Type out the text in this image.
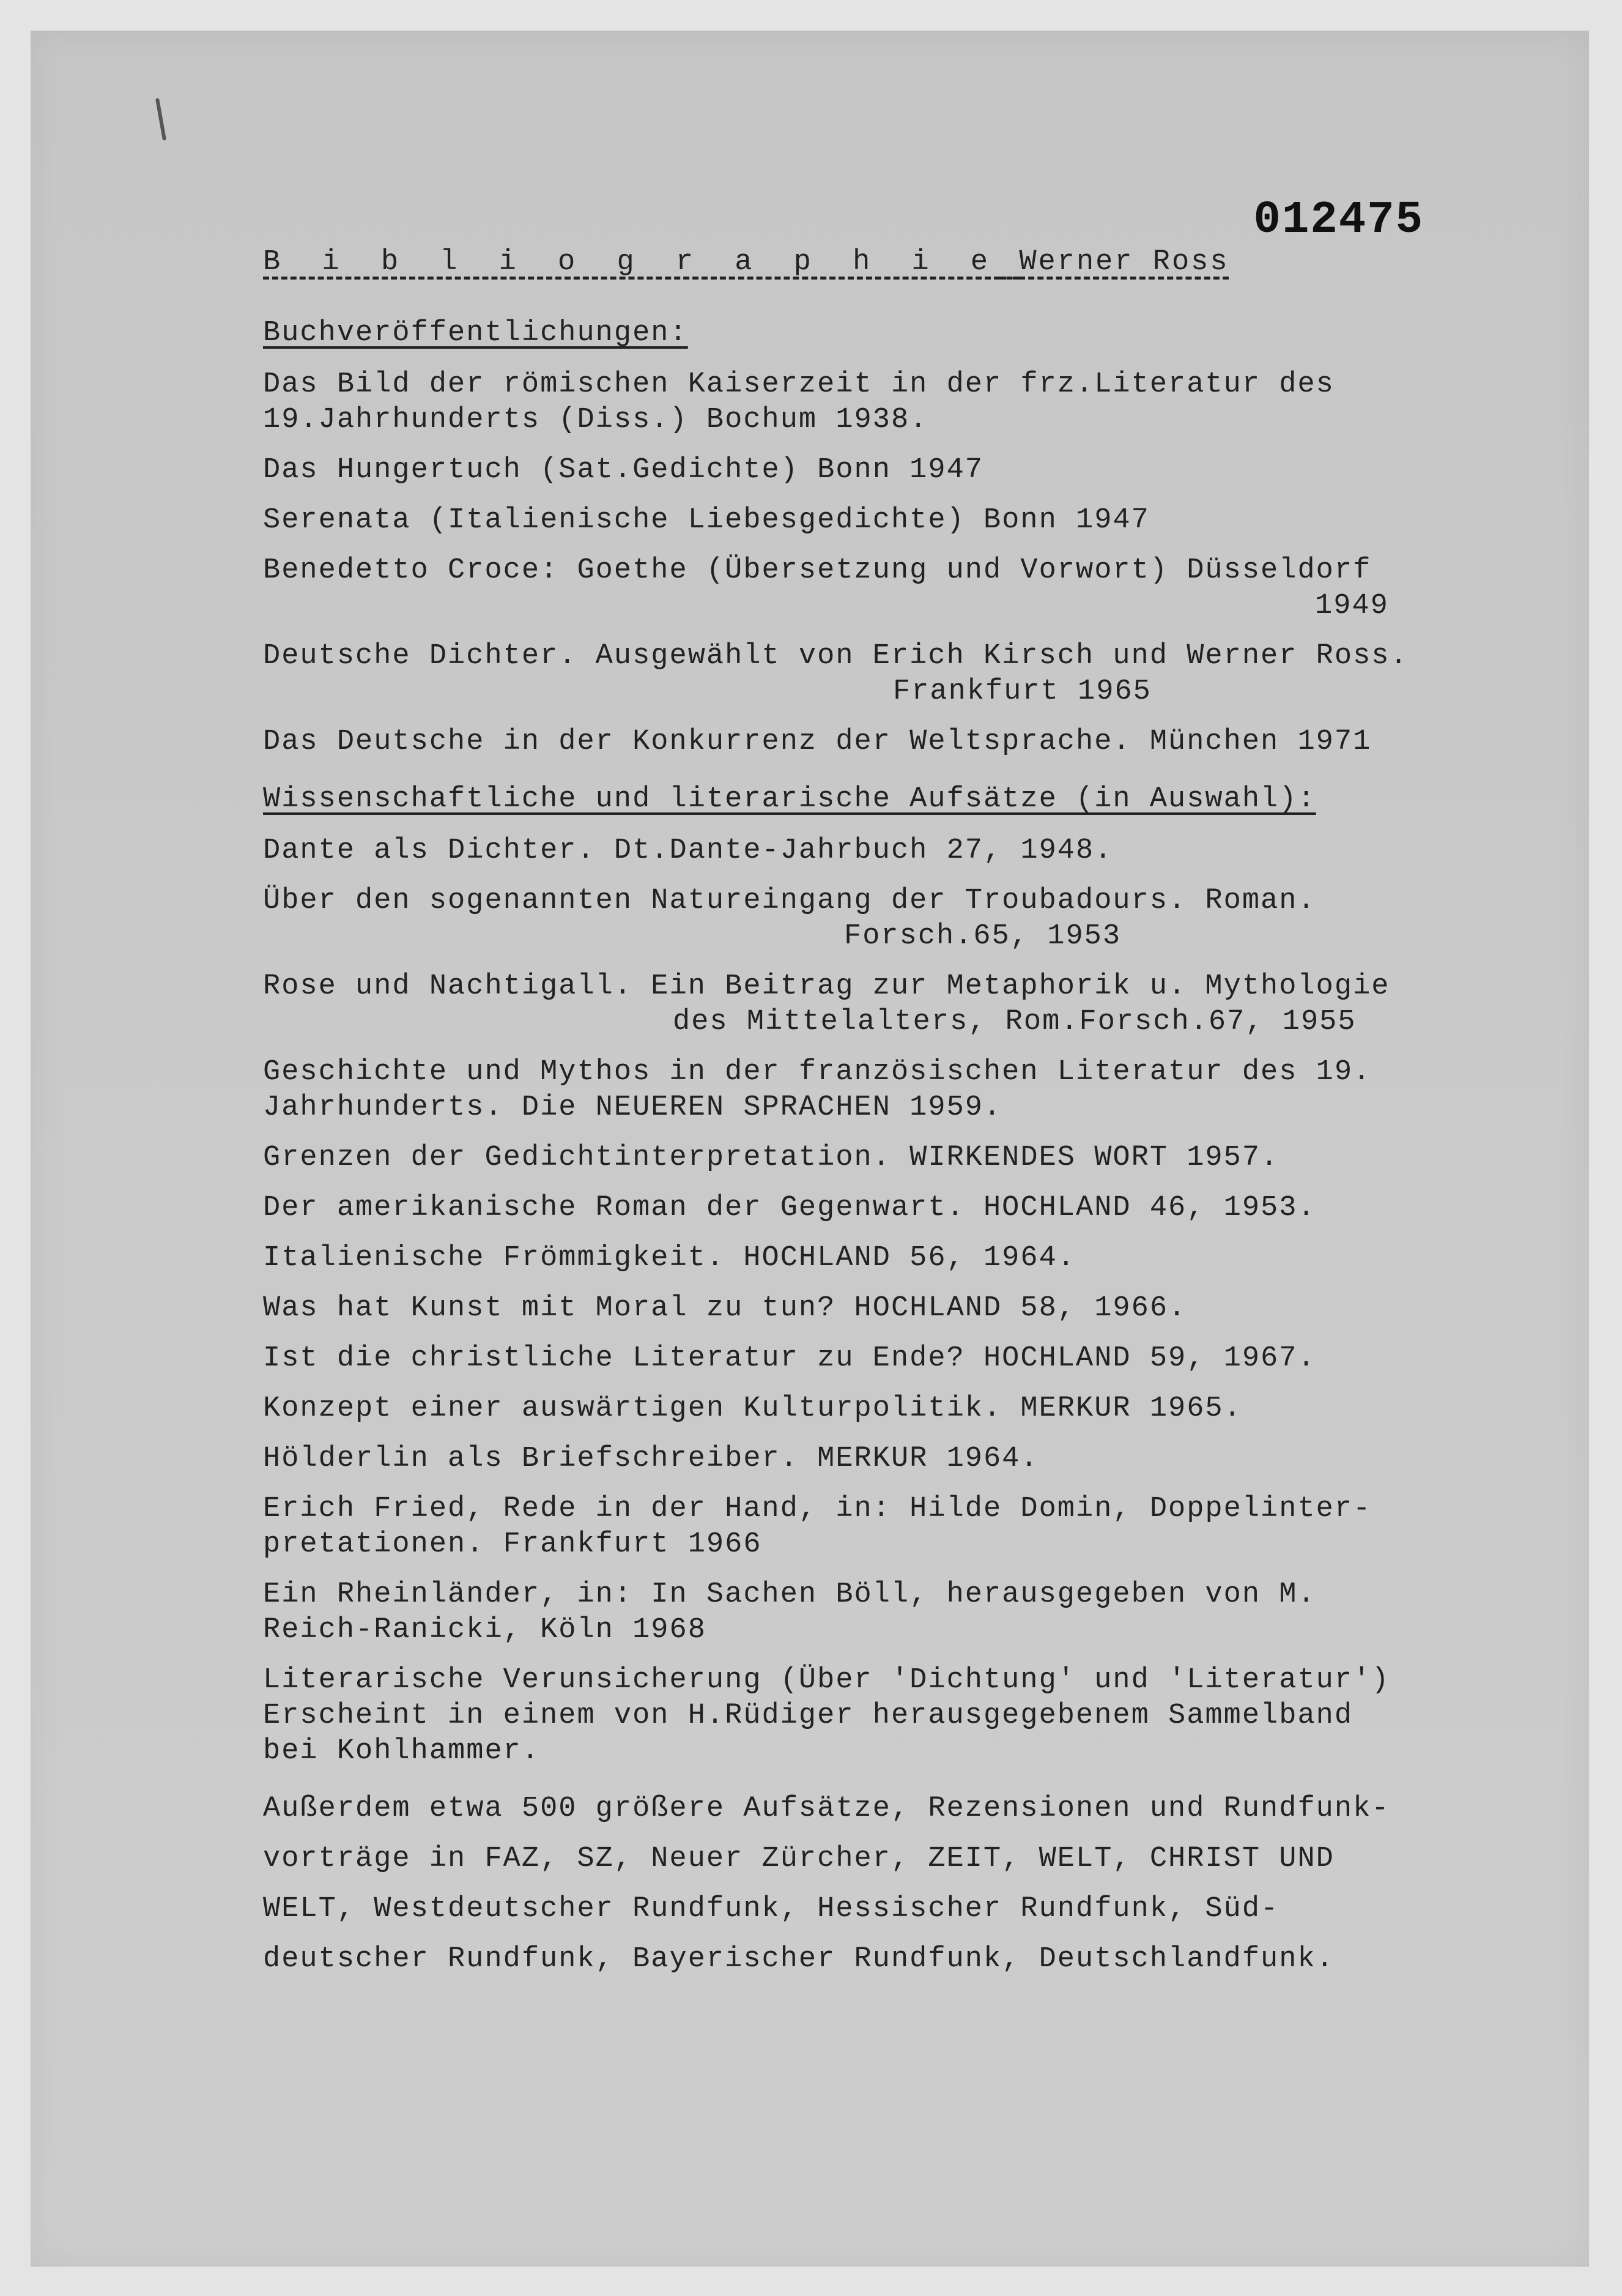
012475
B i b l i o g r a p h i e Werner Ross
Buchveröffentlichungen:
Das Bild der römischen Kaiserzeit in der frz.Literatur des
19.Jahrhunderts (Diss.) Bochum 1938.
Das Hungertuch (Sat.Gedichte) Bonn 1947
Serenata (Italienische Liebesgedichte) Bonn 1947
Benedetto Croce: Goethe (Übersetzung und Vorwort) Düsseldorf
1949
Deutsche Dichter. Ausgewählt von Erich Kirsch und Werner Ross.
Frankfurt 1965
Das Deutsche in der Konkurrenz der Weltsprache. München 1971
Wissenschaftliche und literarische Aufsätze (in Auswahl):
Dante als Dichter. Dt.Dante-Jahrbuch 27, 1948.
Über den sogenannten Natureingang der Troubadours. Roman.
Forsch.65, 1953
Rose und Nachtigall. Ein Beitrag zur Metaphorik u. Mythologie
des Mittelalters, Rom.Forsch.67, 1955
Geschichte und Mythos in der französischen Literatur des 19.
Jahrhunderts. Die NEUEREN SPRACHEN 1959.
Grenzen der Gedichtinterpretation. WIRKENDES WORT 1957.
Der amerikanische Roman der Gegenwart. HOCHLAND 46, 1953.
Italienische Frömmigkeit. HOCHLAND 56, 1964.
Was hat Kunst mit Moral zu tun? HOCHLAND 58, 1966.
Ist die christliche Literatur zu Ende? HOCHLAND 59, 1967.
Konzept einer auswärtigen Kulturpolitik. MERKUR 1965.
Hölderlin als Briefschreiber. MERKUR 1964.
Erich Fried, Rede in der Hand, in: Hilde Domin, Doppelinter-
pretationen. Frankfurt 1966
Ein Rheinländer, in: In Sachen Böll, herausgegeben von M.
Reich-Ranicki, Köln 1968
Literarische Verunsicherung (Über 'Dichtung' und 'Literatur')
Erscheint in einem von H.Rüdiger herausgegebenem Sammelband
bei Kohlhammer.
Außerdem etwa 500 größere Aufsätze, Rezensionen und Rundfunk-
vorträge in FAZ, SZ, Neuer Zürcher, ZEIT, WELT, CHRIST UND
WELT, Westdeutscher Rundfunk, Hessischer Rundfunk, Süd-
deutscher Rundfunk, Bayerischer Rundfunk, Deutschlandfunk.
